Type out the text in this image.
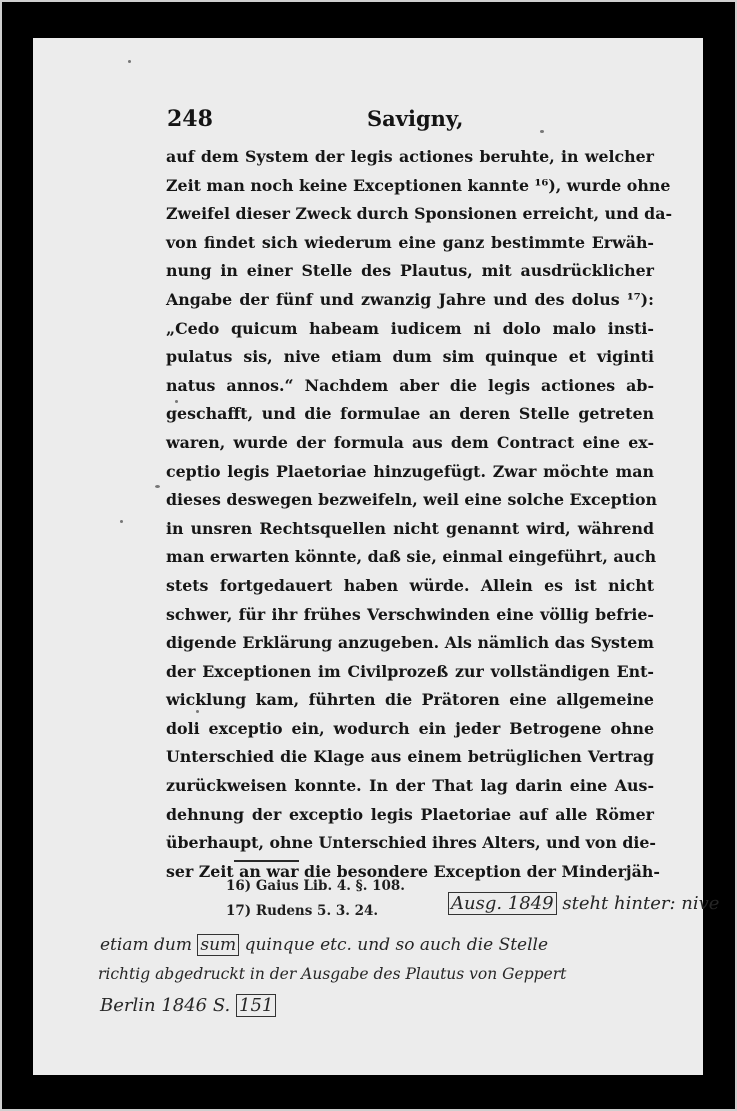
248	Savigny,
auf dem System der legis actiones beruhte, in welcher
Zeit man noch keine Exceptionen kannte ¹⁶), wurde ohne
Zweifel dieser Zweck durch Sponsionen erreicht, und da-
von findet sich wiederum eine ganz bestimmte Erwäh-
nung in einer Stelle des Plautus, mit ausdrücklicher
Angabe der fünf und zwanzig Jahre und des dolus ¹⁷):
„Cedo quicum habeam iudicem ni dolo malo insti-
pulatus sis, nive etiam dum sim quinque et viginti
natus annos.“ Nachdem aber die legis actiones ab-
geschafft, und die formulae an deren Stelle getreten
waren, wurde der formula aus dem Contract eine ex-
ceptio legis Plaetoriae hinzugefügt. Zwar möchte man
dieses deswegen bezweifeln, weil eine solche Exception
in unsren Rechtsquellen nicht genannt wird, während
man erwarten könnte, daß sie, einmal eingeführt, auch
stets fortgedauert haben würde. Allein es ist nicht
schwer, für ihr frühes Verschwinden eine völlig befrie-
digende Erklärung anzugeben. Als nämlich das System
der Exceptionen im Civilprozeß zur vollständigen Ent-
wicklung kam, führten die Prätoren eine allgemeine
doli exceptio ein, wodurch ein jeder Betrogene ohne
Unterschied die Klage aus einem betrüglichen Vertrag
zurückweisen konnte. In der That lag darin eine Aus-
dehnung der exceptio legis Plaetoriae auf alle Römer
überhaupt, ohne Unterschied ihres Alters, und von die-
ser Zeit an war die besondere Exception der Minderjäh-
16) Gaius Lib. 4. §. 108.
17) Rudens 5. 3. 24.	Ausg. 1849 steht hinter: nive
etiam dum sum quinque etc. und so auch die Stelle
richtig abgedruckt in der Ausgabe des Plautus von Geppert
Berlin 1846 S. 151
